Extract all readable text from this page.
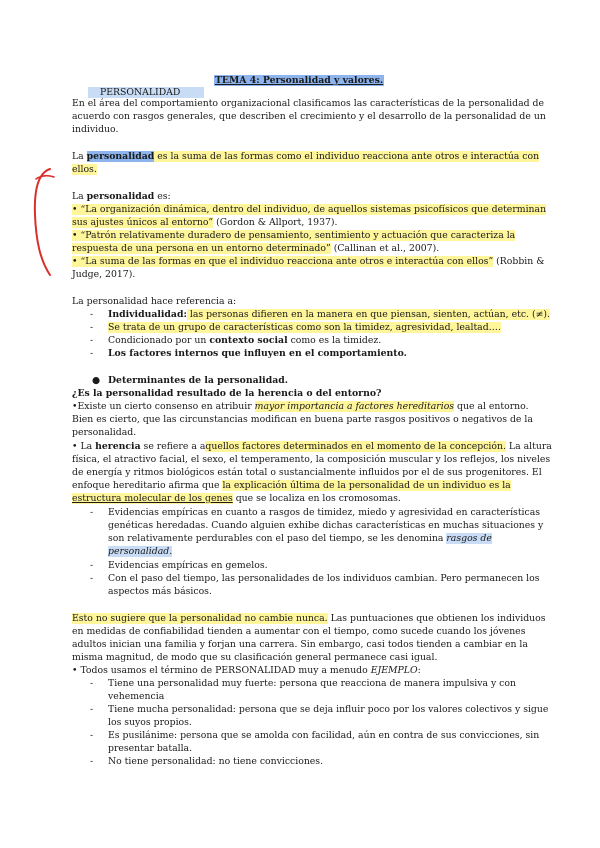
TEMA 4: Personalidad y valores.
PERSONALIDAD
En el área del comportamiento organizacional clasificamos las características de la personalidad de
acuerdo con rasgos generales, que describen el crecimiento y el desarrollo de la personalidad de un
individuo.
La personalidad es la suma de las formas como el individuo reacciona ante otros e interactúa con
ellos.
La personalidad es:
• “La organización dinámica, dentro del individuo, de aquellos sistemas psicofísicos que determinan
sus ajustes únicos al entorno” (Gordon & Allport, 1937).
• “Patrón relativamente duradero de pensamiento, sentimiento y actuación que caracteriza la
respuesta de una persona en un entorno determinado” (Callinan et al., 2007).
• “La suma de las formas en que el individuo reacciona ante otros e interactúa con ellos” (Robbin &
Judge, 2017).
La personalidad hace referencia a:
- Individualidad: las personas difieren en la manera en que piensan, sienten, actúan, etc. (≠).
- Se trata de un grupo de características como son la timidez, agresividad, lealtad….
- Condicionado por un contexto social como es la timidez.
- Los factores internos que influyen en el comportamiento.
● Determinantes de la personalidad.
¿Es la personalidad resultado de la herencia o del entorno?
•Existe un cierto consenso en atribuir mayor importancia a factores hereditarios que al entorno.
Bien es cierto, que las circunstancias modifican en buena parte rasgos positivos o negativos de la
personalidad.
• La herencia se refiere a aquellos factores determinados en el momento de la concepción. La altura
física, el atractivo facial, el sexo, el temperamento, la composición muscular y los reflejos, los niveles
de energía y ritmos biológicos están total o sustancialmente influidos por el de sus progenitores. El
enfoque hereditario afirma que la explicación última de la personalidad de un individuo es la
estructura molecular de los genes que se localiza en los cromosomas.
- Evidencias empíricas en cuanto a rasgos de timidez, miedo y agresividad en características
genéticas heredadas. Cuando alguien exhibe dichas características en muchas situaciones y
son relativamente perdurables con el paso del tiempo, se les denomina rasgos de
personalidad.
- Evidencias empíricas en gemelos.
- Con el paso del tiempo, las personalidades de los individuos cambian. Pero permanecen los
aspectos más básicos.
Esto no sugiere que la personalidad no cambie nunca. Las puntuaciones que obtienen los individuos
en medidas de confiabilidad tienden a aumentar con el tiempo, como sucede cuando los jóvenes
adultos inician una familia y forjan una carrera. Sin embargo, casi todos tienden a cambiar en la
misma magnitud, de modo que su clasificación general permanece casi igual.
• Todos usamos el término de PERSONALIDAD muy a menudo EJEMPLO:
- Tiene una personalidad muy fuerte: persona que reacciona de manera impulsiva y con
vehemencia
- Tiene mucha personalidad: persona que se deja influir poco por los valores colectivos y sigue
los suyos propios.
- Es pusilánime: persona que se amolda con facilidad, aún en contra de sus convicciones, sin
presentar batalla.
- No tiene personalidad: no tiene convicciones.
